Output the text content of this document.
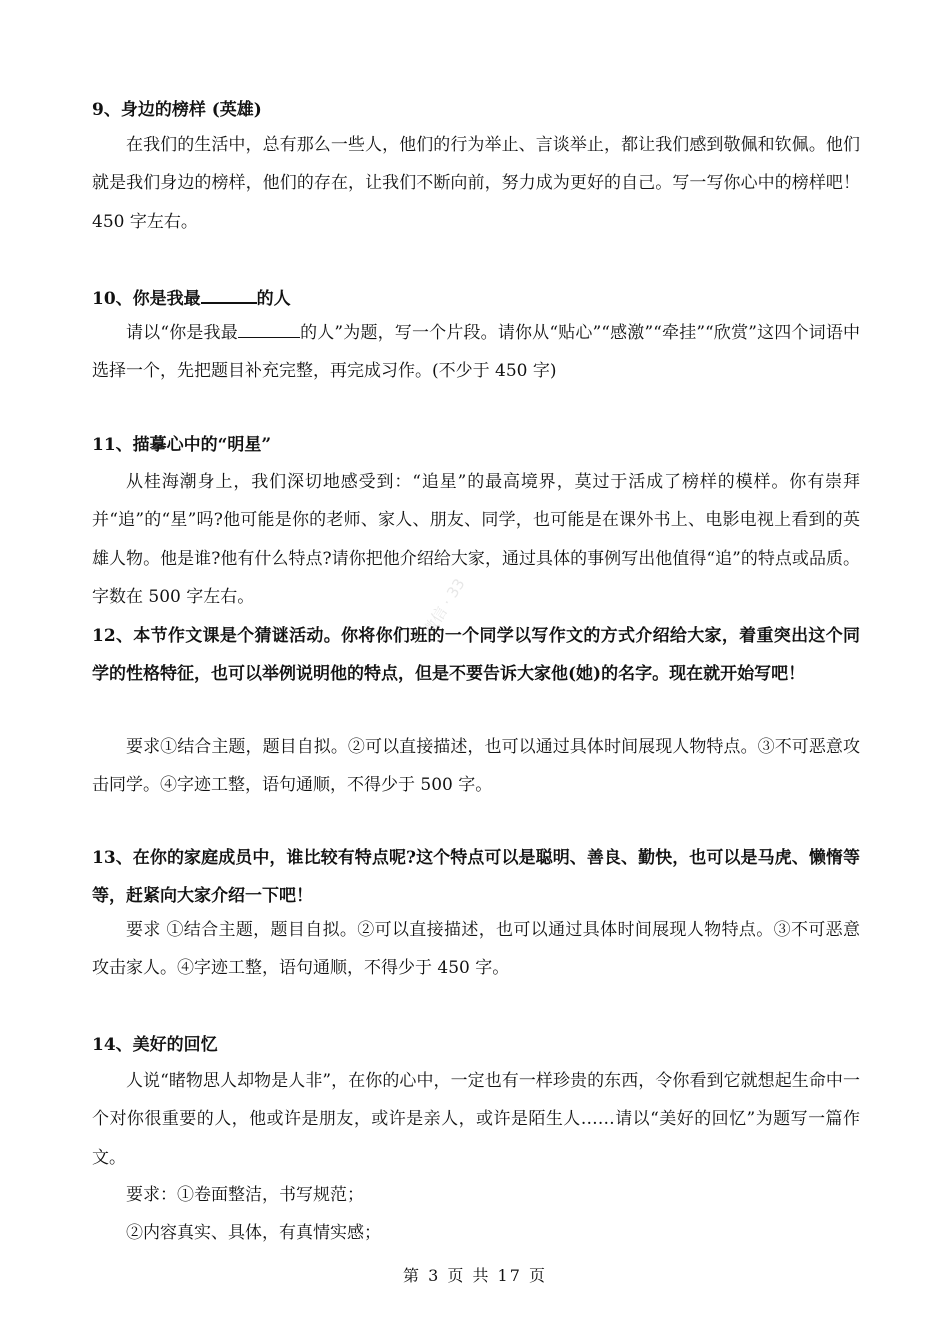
9、身边的榜样 (英雄)
在我们的生活中，总有那么一些人，他们的行为举止、言谈举止，都让我们感到敬佩和钦佩。他们就是我们身边的榜样，他们的存在，让我们不断向前，努力成为更好的自己。写一写你心中的榜样吧！450 字左右。
10、你是我最	的人
请以“你是我最	的人”为题，写一个片段。请你从“贴心”“感激”“牵挂”“欣赏”这四个词语中选择一个，先把题目补充完整，再完成习作。(不少于 450 字)
11、描摹心中的“明星”
从桂海潮身上，我们深切地感受到：“追星”的最高境界，莫过于活成了榜样的模样。你有崇拜并“追”的“星”吗?他可能是你的老师、家人、朋友、同学，也可能是在课外书上、电影电视上看到的英雄人物。他是谁?他有什么特点?请你把他介绍给大家，通过具体的事例写出他值得“追”的特点或品质。字数在 500 字左右。
12、本节作文课是个猜谜活动。你将你们班的一个同学以写作文的方式介绍给大家，着重突出这个同学的性格特征，也可以举例说明他的特点，但是不要告诉大家他(她)的名字。现在就开始写吧！
要求①结合主题，题目自拟。②可以直接描述，也可以通过具体时间展现人物特点。③不可恶意攻击同学。④字迹工整，语句通顺，不得少于 500 字。
13、在你的家庭成员中，谁比较有特点呢?这个特点可以是聪明、善良、勤快，也可以是马虎、懒惰等等，赶紧向大家介绍一下吧！
要求 ①结合主题，题目自拟。②可以直接描述，也可以通过具体时间展现人物特点。③不可恶意攻击家人。④字迹工整，语句通顺，不得少于 450 字。
14、美好的回忆
人说“睹物思人却物是人非”，在你的心中，一定也有一样珍贵的东西，令你看到它就想起生命中一个对你很重要的人，他或许是朋友，或许是亲人，或许是陌生人……请以“美好的回忆”为题写一篇作文。
要求：①卷面整洁，书写规范；
②内容真实、具体，有真情实感；
微信 · 33
第 3 页 共 17 页
